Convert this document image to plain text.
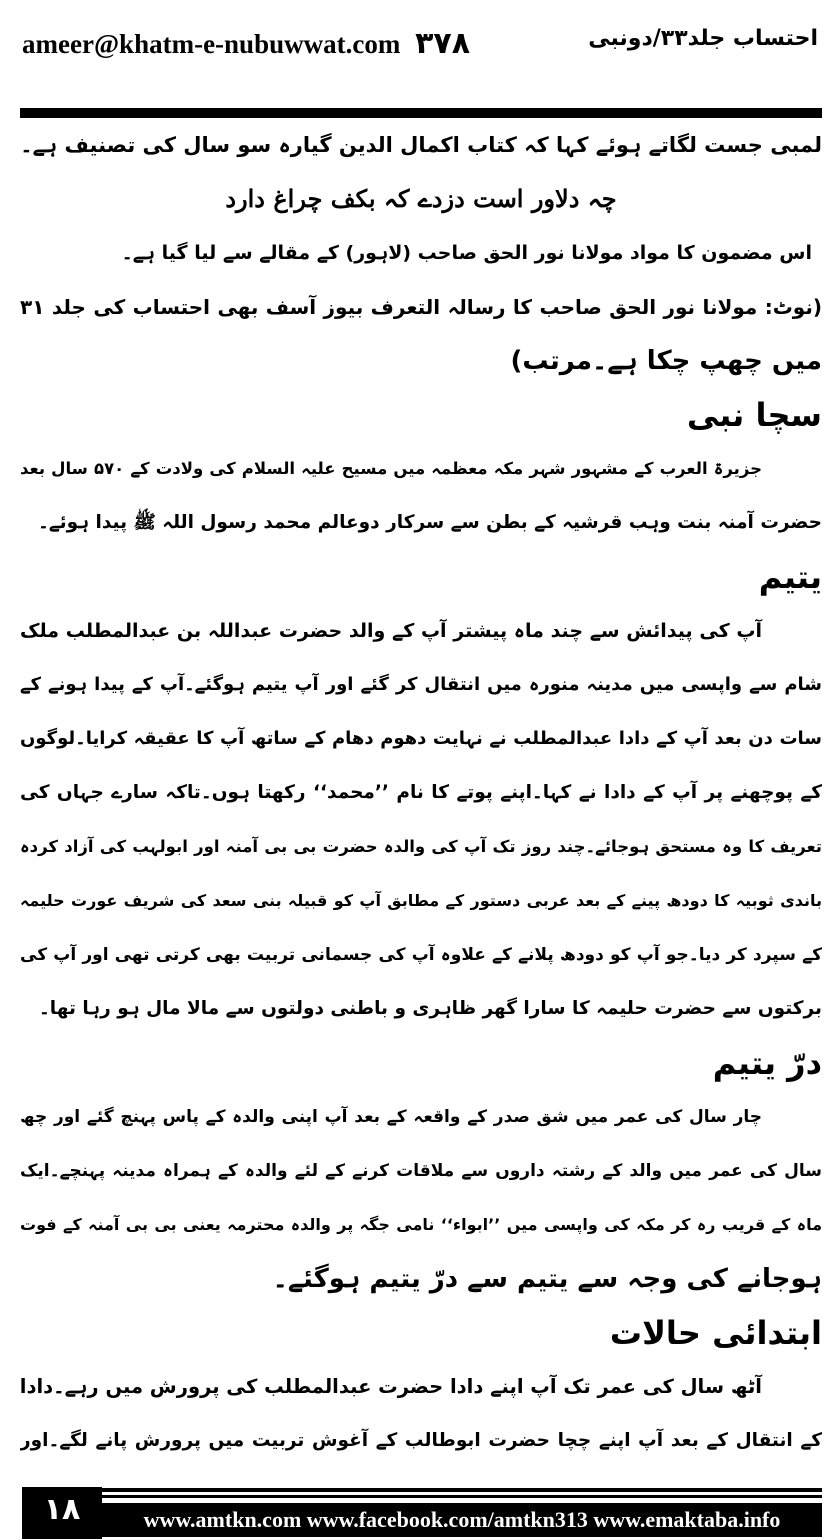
ameer@khatm-e-nubuwwat.com ۳۷۸	احتساب جلد۳۳/دونبی
لمبی جست لگاتے ہوئے کہا کہ کتاب اکمال الدین گیارہ سو سال کی تصنیف ہے۔
چہ دلاور است دزدے کہ بکف چراغ دارد
اس مضمون کا مواد مولانا نور الحق صاحب (لاہور) کے مقالے سے لیا گیا ہے۔
(نوٹ: مولانا نور الحق صاحب کا رسالہ التعرف بیوز آسف بھی احتساب کی جلد ۳۱
میں چھپ چکا ہے۔مرتب)
سچا نبی
جزیرۃ العرب کے مشہور شہر مکہ معظمہ میں مسیح علیہ السلام کی ولادت کے ۵۷۰ سال بعد
حضرت آمنہ بنت وہب قرشیہ کے بطن سے سرکار دوعالم محمد رسول اللہ ﷺ پیدا ہوئے۔
یتیم
آپ کی پیدائش سے چند ماہ پیشتر آپ کے والد حضرت عبداللہ بن عبدالمطلب ملک
شام سے واپسی میں مدینہ منورہ میں انتقال کر گئے اور آپ یتیم ہوگئے۔آپ کے پیدا ہونے کے
سات دن بعد آپ کے دادا عبدالمطلب نے نہایت دھوم دھام کے ساتھ آپ کا عقیقہ کرایا۔لوگوں
کے پوچھنے پر آپ کے دادا نے کہا۔اپنے پوتے کا نام ’’محمد‘‘ رکھتا ہوں۔تاکہ سارے جہاں کی
تعریف کا وہ مستحق ہوجائے۔چند روز تک آپ کی والدہ حضرت بی بی آمنہ اور ابولہب کی آزاد کردہ
باندی ثوبیہ کا دودھ پینے کے بعد عربی دستور کے مطابق آپ کو قبیلہ بنی سعد کی شریف عورت حلیمہ
کے سپرد کر دیا۔جو آپ کو دودھ پلانے کے علاوہ آپ کی جسمانی تربیت بھی کرتی تھی اور آپ کی
برکتوں سے حضرت حلیمہ کا سارا گھر ظاہری و باطنی دولتوں سے مالا مال ہو رہا تھا۔
درّ یتیم
چار سال کی عمر میں شق صدر کے واقعہ کے بعد آپ اپنی والدہ کے پاس پہنچ گئے اور چھ
سال کی عمر میں والد کے رشتہ داروں سے ملاقات کرنے کے لئے والدہ کے ہمراہ مدینہ پہنچے۔ایک
ماہ کے قریب رہ کر مکہ کی واپسی میں ’’ابواء‘‘ نامی جگہ پر والدہ محترمہ یعنی بی بی آمنہ کے فوت
ہوجانے کی وجہ سے یتیم سے درّ یتیم ہوگئے۔
ابتدائی حالات
آٹھ سال کی عمر تک آپ اپنے دادا حضرت عبدالمطلب کی پرورش میں رہے۔دادا
کے انتقال کے بعد آپ اپنے چچا حضرت ابوطالب کے آغوش تربیت میں پرورش پانے لگے۔اور
۱۸	www.amtkn.com www.facebook.com/amtkn313 www.emaktaba.info
